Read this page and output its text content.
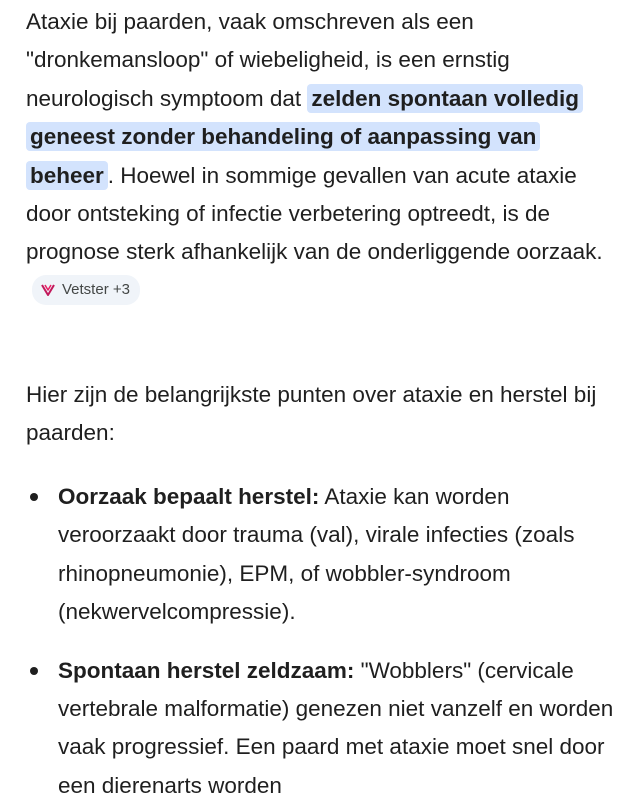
Ataxie bij paarden, vaak omschreven als een "dronkemansloop" of wiebeligheid, is een ernstig neurologisch symptoom dat zelden spontaan volledig geneest zonder behandeling of aanpassing van beheer . Hoewel in sommige gevallen van acute ataxie door ontsteking of infectie verbetering optreedt, is de prognose sterk afhankelijk van de onderliggende oorzaak.
Vetster +3

Hier zijn de belangrijkste punten over ataxie en herstel bij paarden:

Oorzaak bepaalt herstel: Ataxie kan worden veroorzaakt door trauma (val), virale infecties (zoals rhinopneumonie), EPM, of wobbler-syndroom (nekwervelcompressie).
Spontaan herstel zeldzaam: "Wobblers" (cervicale vertebrale malformatie) genezen niet vanzelf en worden vaak progressief. Een paard met ataxie moet snel door een dierenarts worden
